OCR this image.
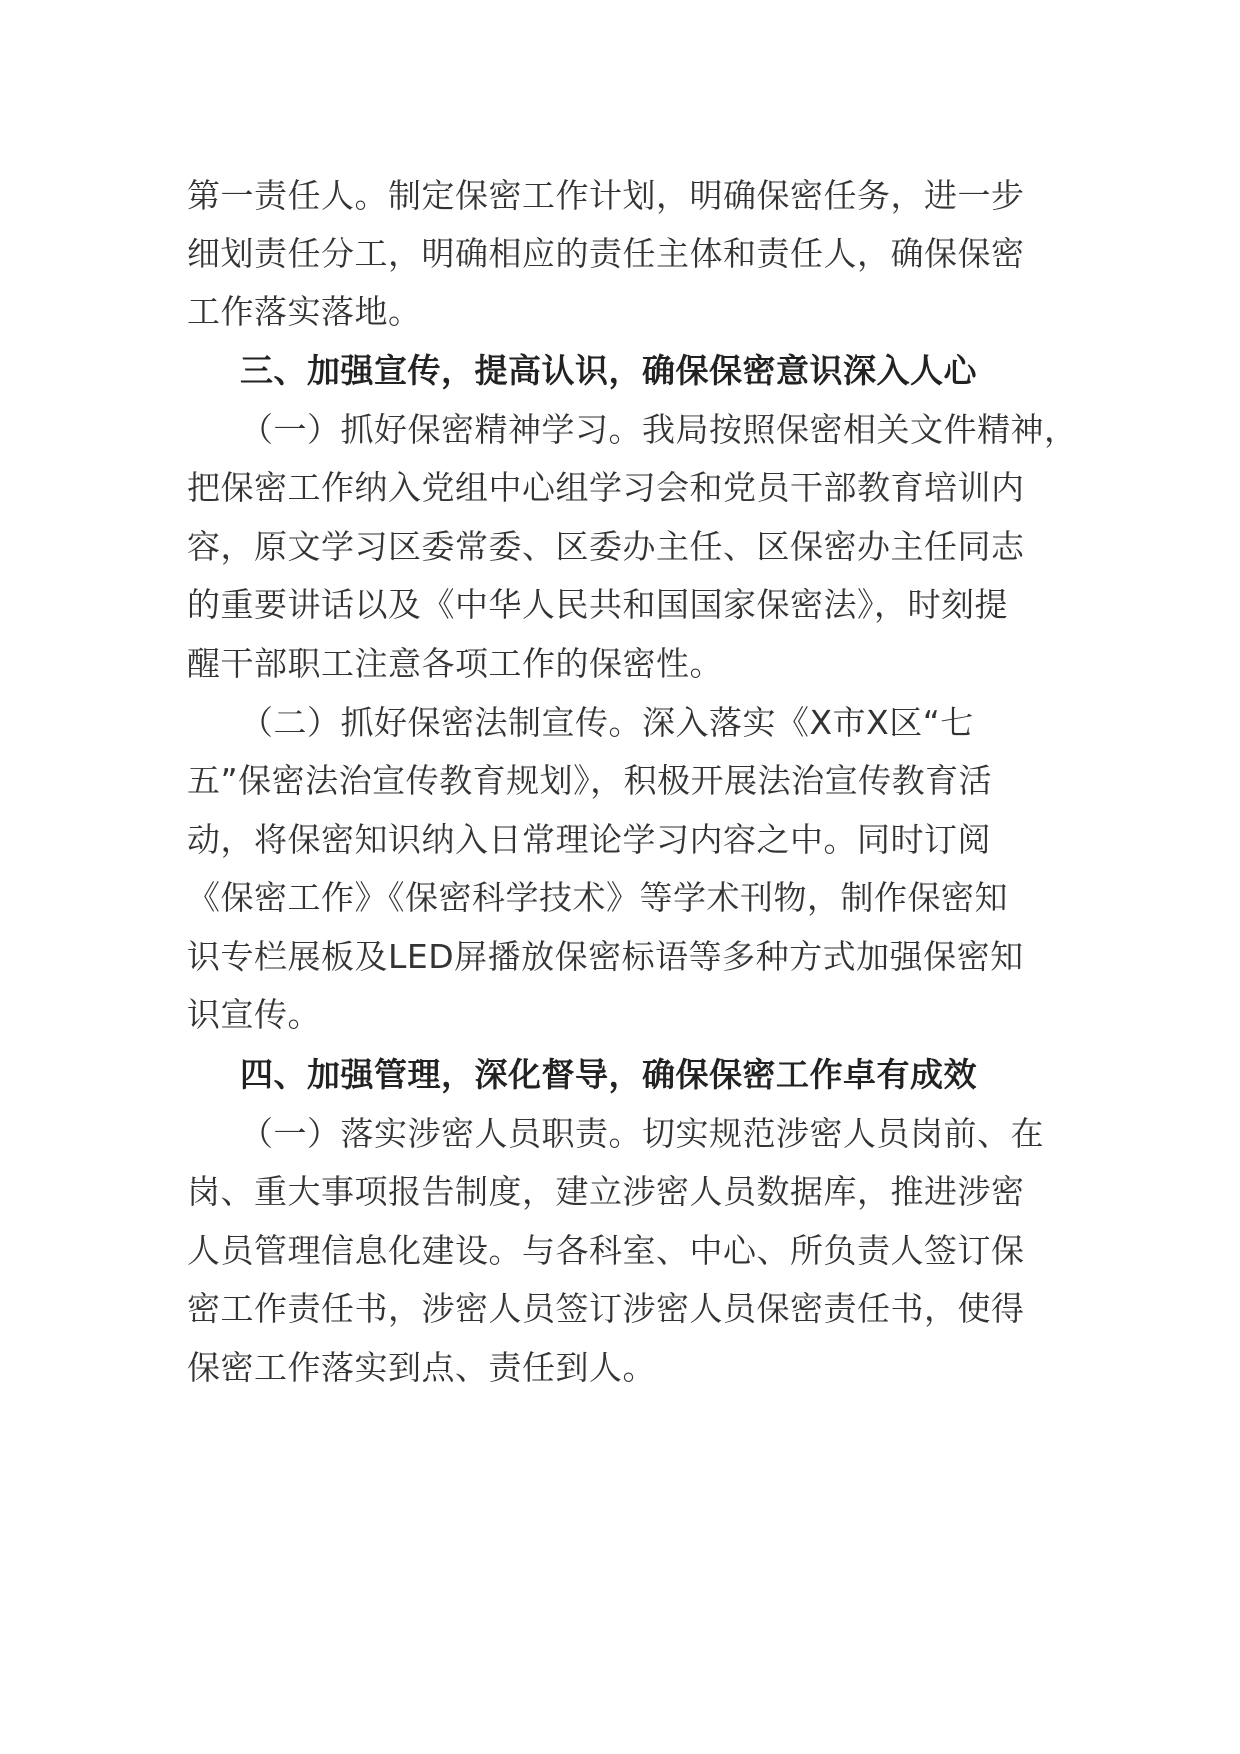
第一责任人。制定保密工作计划，明确保密任务，进一步
细划责任分工，明确相应的责任主体和责任人，确保保密
工作落实落地。
三、加强宣传，提高认识，确保保密意识深入人心
（一）抓好保密精神学习。我局按照保密相关文件精神，
把保密工作纳入党组中心组学习会和党员干部教育培训内
容，原文学习区委常委、区委办主任、区保密办主任同志
的重要讲话以及《中华人民共和国国家保密法》，时刻提
醒干部职工注意各项工作的保密性。
（二）抓好保密法制宣传。深入落实《X市X区“七
五”保密法治宣传教育规划》，积极开展法治宣传教育活
动，将保密知识纳入日常理论学习内容之中。同时订阅
《保密工作》《保密科学技术》等学术刊物，制作保密知
识专栏展板及LED屏播放保密标语等多种方式加强保密知
识宣传。
四、加强管理，深化督导，确保保密工作卓有成效
（一）落实涉密人员职责。切实规范涉密人员岗前、在
岗、重大事项报告制度，建立涉密人员数据库，推进涉密
人员管理信息化建设。与各科室、中心、所负责人签订保
密工作责任书，涉密人员签订涉密人员保密责任书，使得
保密工作落实到点、责任到人。
